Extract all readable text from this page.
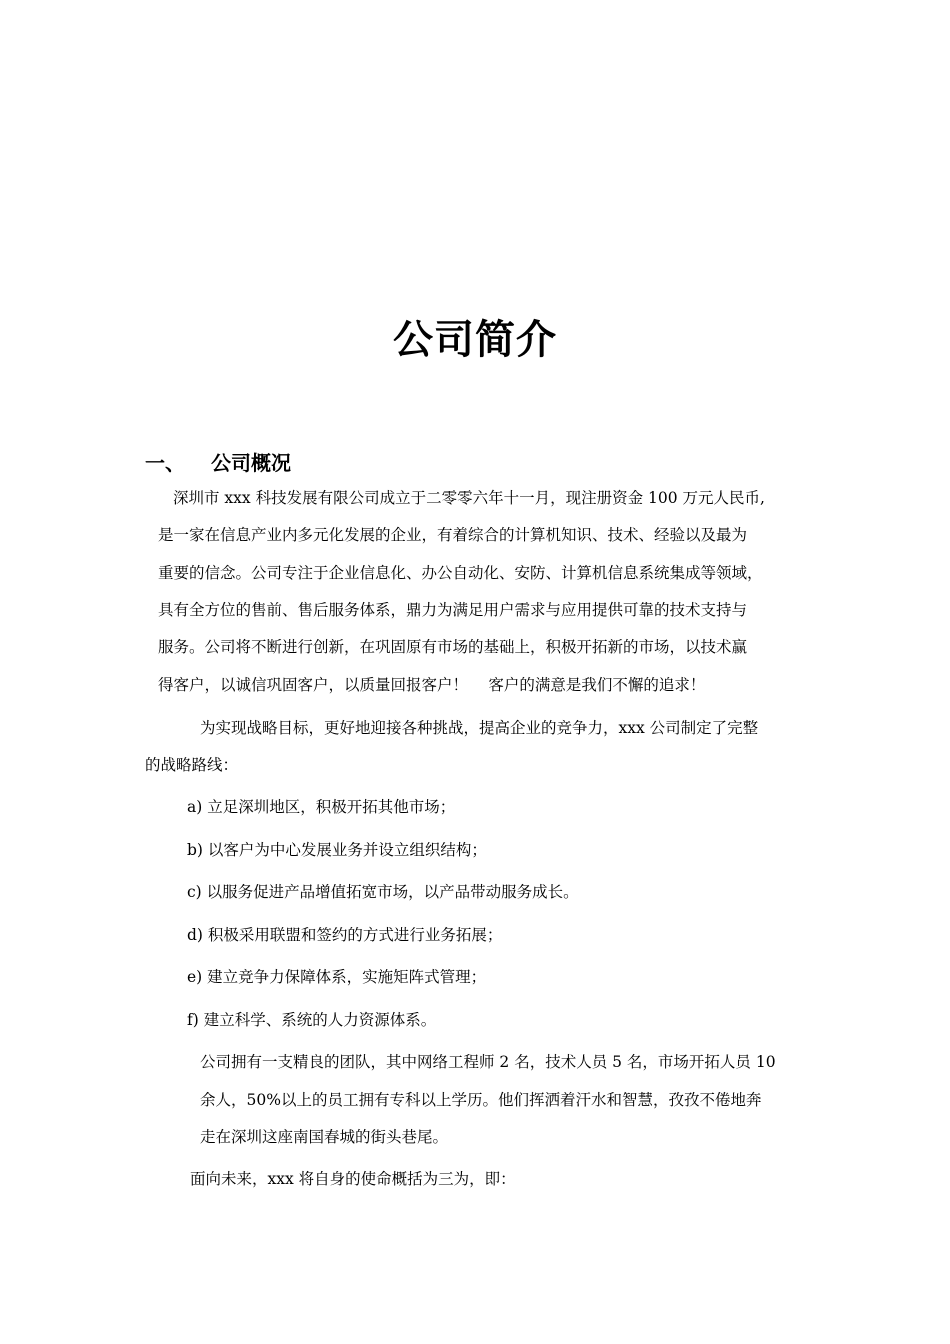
公司简介
一、 公司概况
深圳市 xxx 科技发展有限公司成立于二零零六年十一月，现注册资金 100 万元人民币,
是一家在信息产业内多元化发展的企业，有着综合的计算机知识、技术、经验以及最为
重要的信念。公司专注于企业信息化、办公自动化、安防、计算机信息系统集成等领域，
具有全方位的售前、售后服务体系，鼎力为满足用户需求与应用提供可靠的技术支持与
服务。公司将不断进行创新，在巩固原有市场的基础上，积极开拓新的市场，以技术赢
得客户，以诚信巩固客户，以质量回报客户！　 客户的满意是我们不懈的追求！
为实现战略目标，更好地迎接各种挑战，提高企业的竞争力，xxx 公司制定了完整
的战略路线：
a) 立足深圳地区，积极开拓其他市场；
b) 以客户为中心发展业务并设立组织结构；
c) 以服务促进产品增值拓宽市场，以产品带动服务成长。
d) 积极采用联盟和签约的方式进行业务拓展；
e) 建立竞争力保障体系，实施矩阵式管理；
f) 建立科学、系统的人力资源体系。
公司拥有一支精良的团队，其中网络工程师 2 名，技术人员 5 名，市场开拓人员 10
余人，50%以上的员工拥有专科以上学历。他们挥洒着汗水和智慧，孜孜不倦地奔
走在深圳这座南国春城的街头巷尾。
面向未来，xxx 将自身的使命概括为三为，即：
